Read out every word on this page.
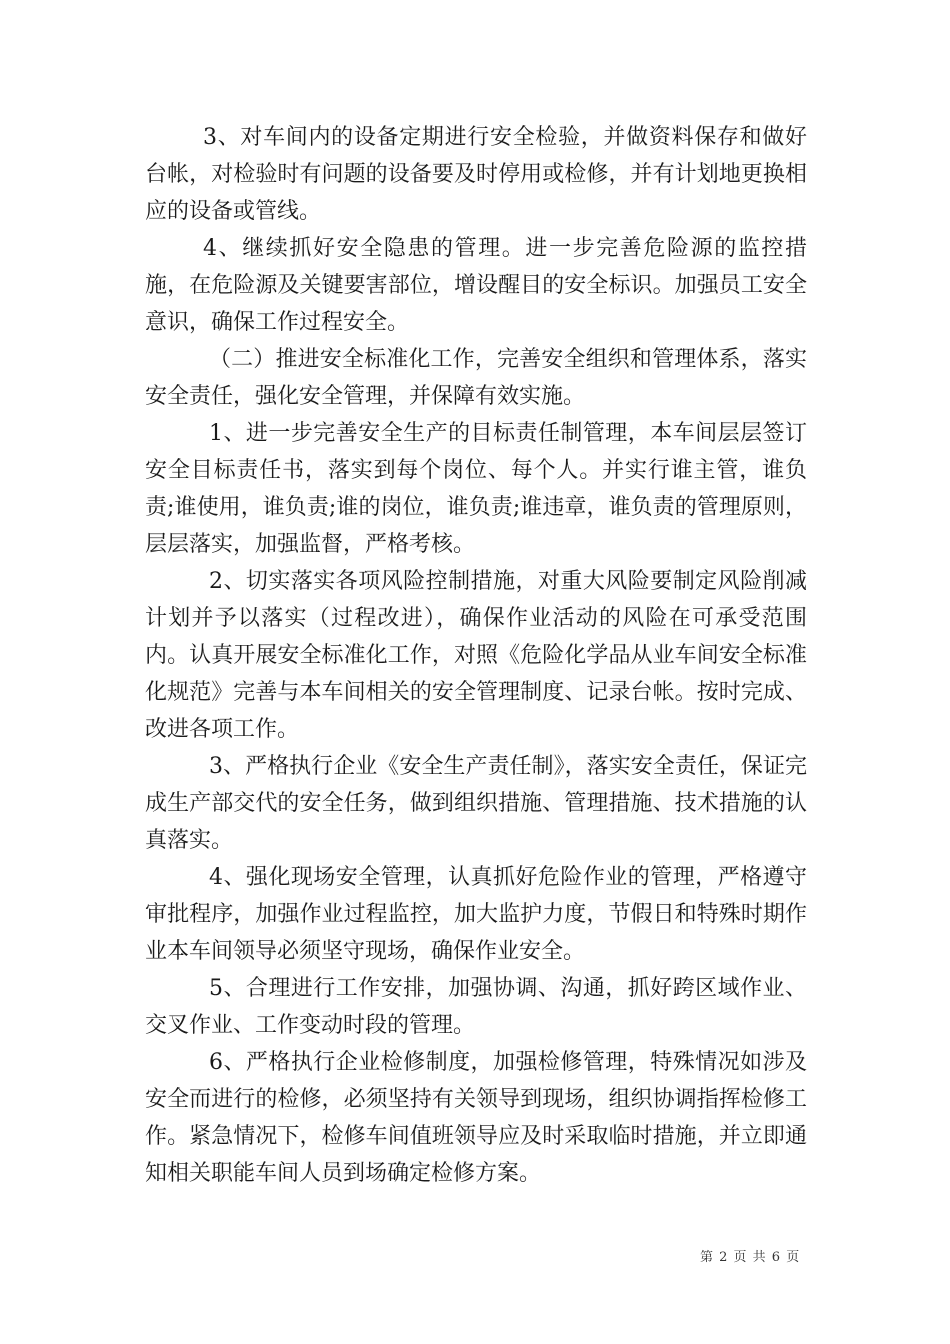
3、对车间内的设备定期进行安全检验，并做资料保存和做好台帐，对检验时有问题的设备要及时停用或检修，并有计划地更换相应的设备或管线。

4、继续抓好安全隐患的管理。进一步完善危险源的监控措施，在危险源及关键要害部位，增设醒目的安全标识。加强员工安全意识，确保工作过程安全。

（二）推进安全标准化工作，完善安全组织和管理体系，落实安全责任，强化安全管理，并保障有效实施。

1、进一步完善安全生产的目标责任制管理，本车间层层签订安全目标责任书，落实到每个岗位、每个人。并实行谁主管，谁负责;谁使用，谁负责;谁的岗位，谁负责;谁违章，谁负责的管理原则，层层落实，加强监督，严格考核。

2、切实落实各项风险控制措施，对重大风险要制定风险削减计划并予以落实（过程改进），确保作业活动的风险在可承受范围内。认真开展安全标准化工作，对照《危险化学品从业车间安全标准化规范》完善与本车间相关的安全管理制度、记录台帐。按时完成、改进各项工作。

3、严格执行企业《安全生产责任制》，落实安全责任，保证完成生产部交代的安全任务，做到组织措施、管理措施、技术措施的认真落实。

4、强化现场安全管理，认真抓好危险作业的管理，严格遵守审批程序，加强作业过程监控，加大监护力度，节假日和特殊时期作业本车间领导必须坚守现场，确保作业安全。

5、合理进行工作安排，加强协调、沟通，抓好跨区域作业、交叉作业、工作变动时段的管理。

6、严格执行企业检修制度，加强检修管理，特殊情况如涉及安全而进行的检修，必须坚持有关领导到现场，组织协调指挥检修工作。紧急情况下，检修车间值班领导应及时采取临时措施，并立即通知相关职能车间人员到场确定检修方案。

第 2 页 共 6 页
